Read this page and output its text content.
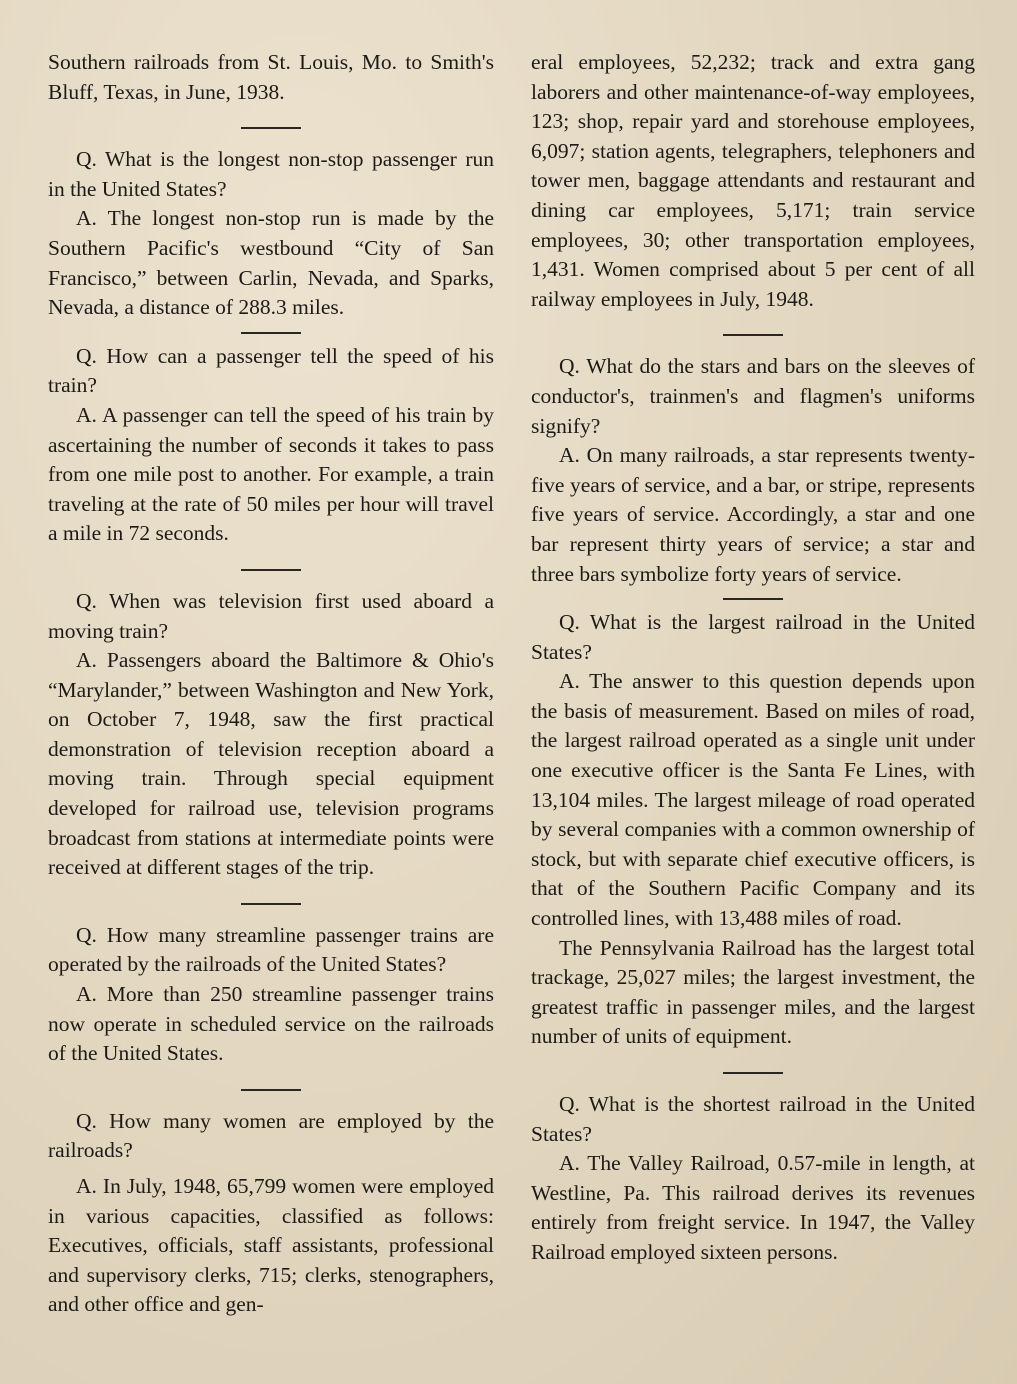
Southern railroads from St. Louis, Mo. to Smith's Bluff, Texas, in June, 1938.

Q. What is the longest non-stop passenger run in the United States?

A. The longest non-stop run is made by the Southern Pacific's westbound “City of San Francisco,” between Carlin, Nevada, and Sparks, Nevada, a distance of 288.3 miles.

Q. How can a passenger tell the speed of his train?

A. A passenger can tell the speed of his train by ascertaining the number of seconds it takes to pass from one mile post to another. For example, a train traveling at the rate of 50 miles per hour will travel a mile in 72 seconds.

Q. When was television first used aboard a moving train?

A. Passengers aboard the Baltimore & Ohio's “Marylander,” between Washington and New York, on October 7, 1948, saw the first practical demonstration of television reception aboard a moving train. Through special equipment developed for railroad use, television programs broadcast from stations at intermediate points were received at different stages of the trip.

Q. How many streamline passenger trains are operated by the railroads of the United States?

A. More than 250 streamline passenger trains now operate in scheduled service on the railroads of the United States.

Q. How many women are employed by the railroads?

A. In July, 1948, 65,799 women were employed in various capacities, classified as follows: Executives, officials, staff assistants, professional and supervisory clerks, 715; clerks, stenographers, and other office and gen-

eral employees, 52,232; track and extra gang laborers and other maintenance-of-way employees, 123; shop, repair yard and storehouse employees, 6,097; station agents, telegraphers, telephoners and tower men, baggage attendants and restaurant and dining car employees, 5,171; train service employees, 30; other transportation employees, 1,431. Women comprised about 5 per cent of all railway employees in July, 1948.

Q. What do the stars and bars on the sleeves of conductor's, trainmen's and flagmen's uniforms signify?

A. On many railroads, a star represents twenty-five years of service, and a bar, or stripe, represents five years of service. Accordingly, a star and one bar represent thirty years of service; a star and three bars symbolize forty years of service.

Q. What is the largest railroad in the United States?

A. The answer to this question depends upon the basis of measurement. Based on miles of road, the largest railroad operated as a single unit under one executive officer is the Santa Fe Lines, with 13,104 miles. The largest mileage of road operated by several companies with a common ownership of stock, but with separate chief executive officers, is that of the Southern Pacific Company and its controlled lines, with 13,488 miles of road.

The Pennsylvania Railroad has the largest total trackage, 25,027 miles; the largest investment, the greatest traffic in passenger miles, and the largest number of units of equipment.

Q. What is the shortest railroad in the United States?

A. The Valley Railroad, 0.57-mile in length, at Westline, Pa. This railroad derives its revenues entirely from freight service. In 1947, the Valley Railroad employed sixteen persons.
